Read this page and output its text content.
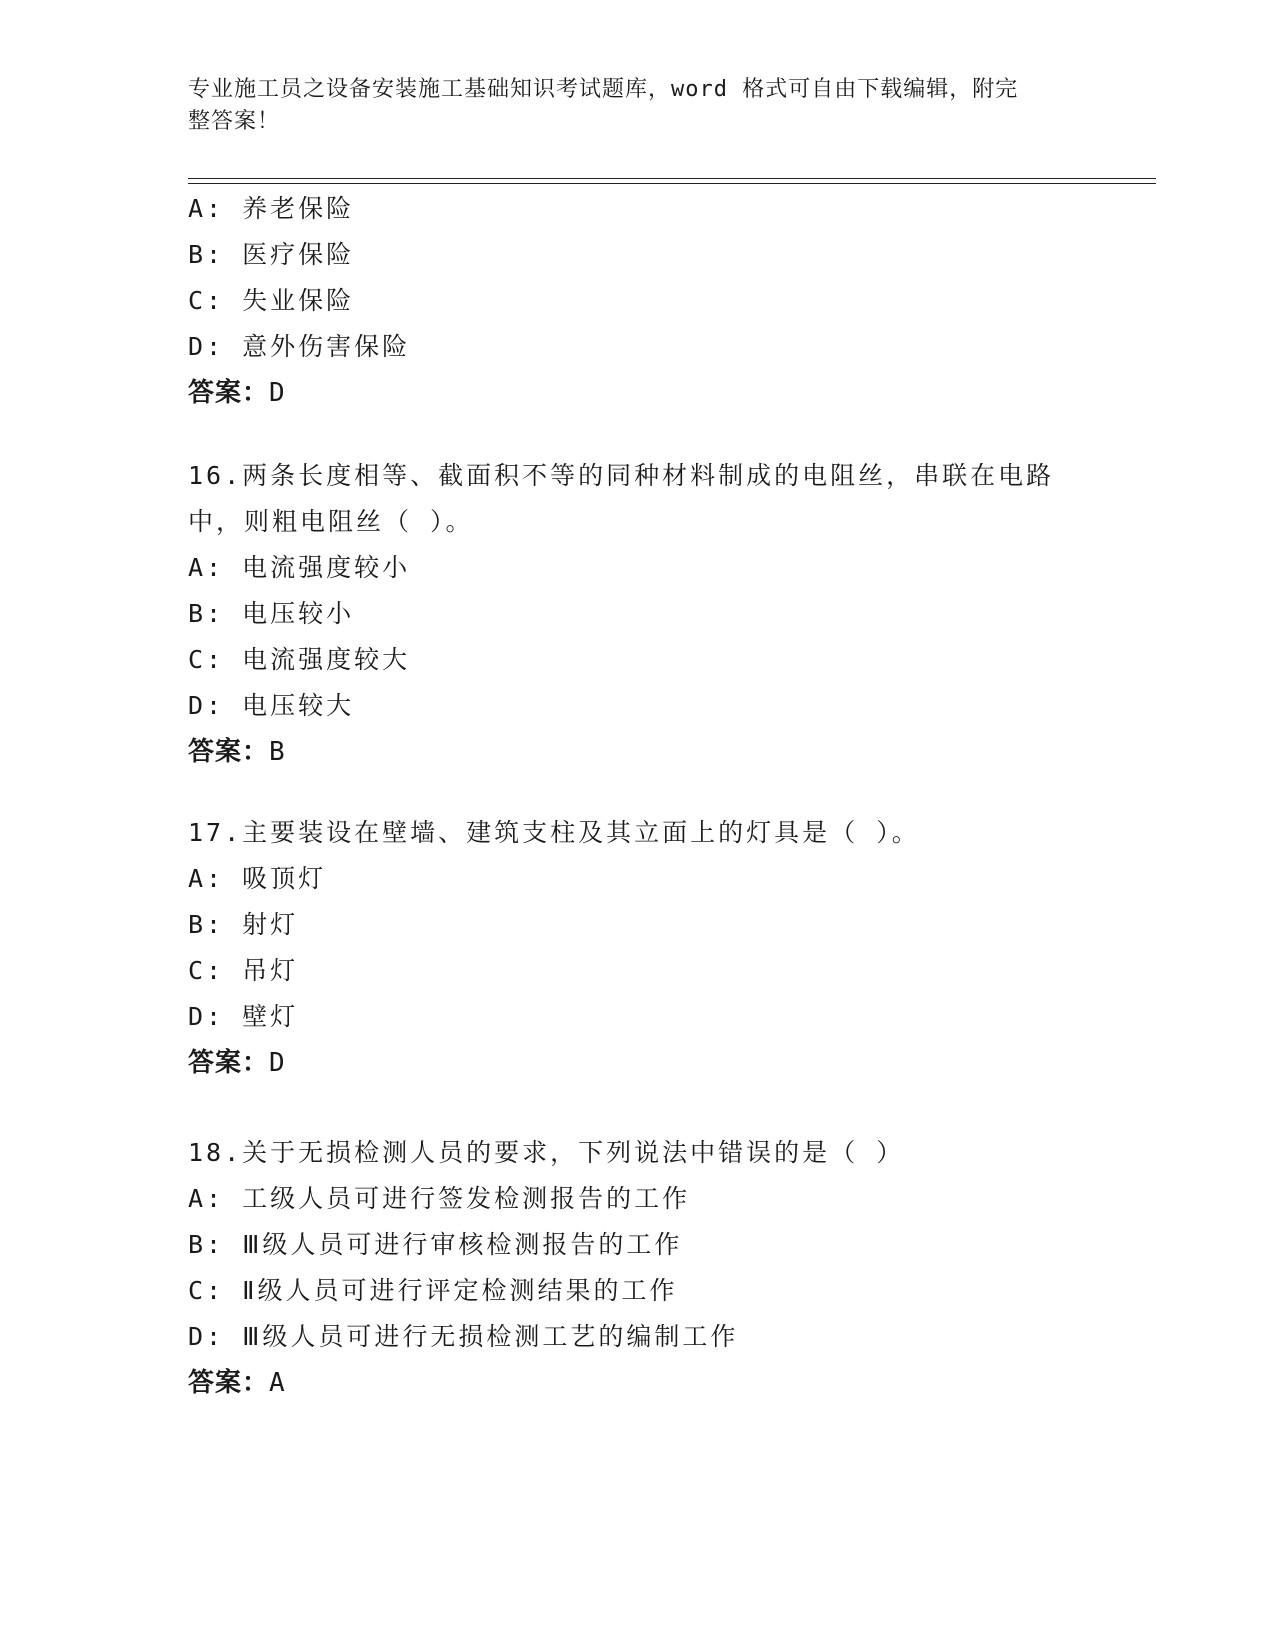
专业施工员之设备安装施工基础知识考试题库，word 格式可自由下载编辑，附完
整答案！
A: 养老保险
B: 医疗保险
C: 失业保险
D: 意外伤害保险
答案：D
16.两条长度相等、截面积不等的同种材料制成的电阻丝，串联在电路
中，则粗电阻丝（ ）。
A: 电流强度较小
B: 电压较小
C: 电流强度较大
D: 电压较大
答案：B
17.主要装设在壁墙、建筑支柱及其立面上的灯具是（ ）。
A: 吸顶灯
B: 射灯
C: 吊灯
D: 壁灯
答案：D
18.关于无损检测人员的要求，下列说法中错误的是（ ）
A: 工级人员可进行签发检测报告的工作
B: Ⅲ级人员可进行审核检测报告的工作
C: Ⅱ级人员可进行评定检测结果的工作
D: Ⅲ级人员可进行无损检测工艺的编制工作
答案：A
